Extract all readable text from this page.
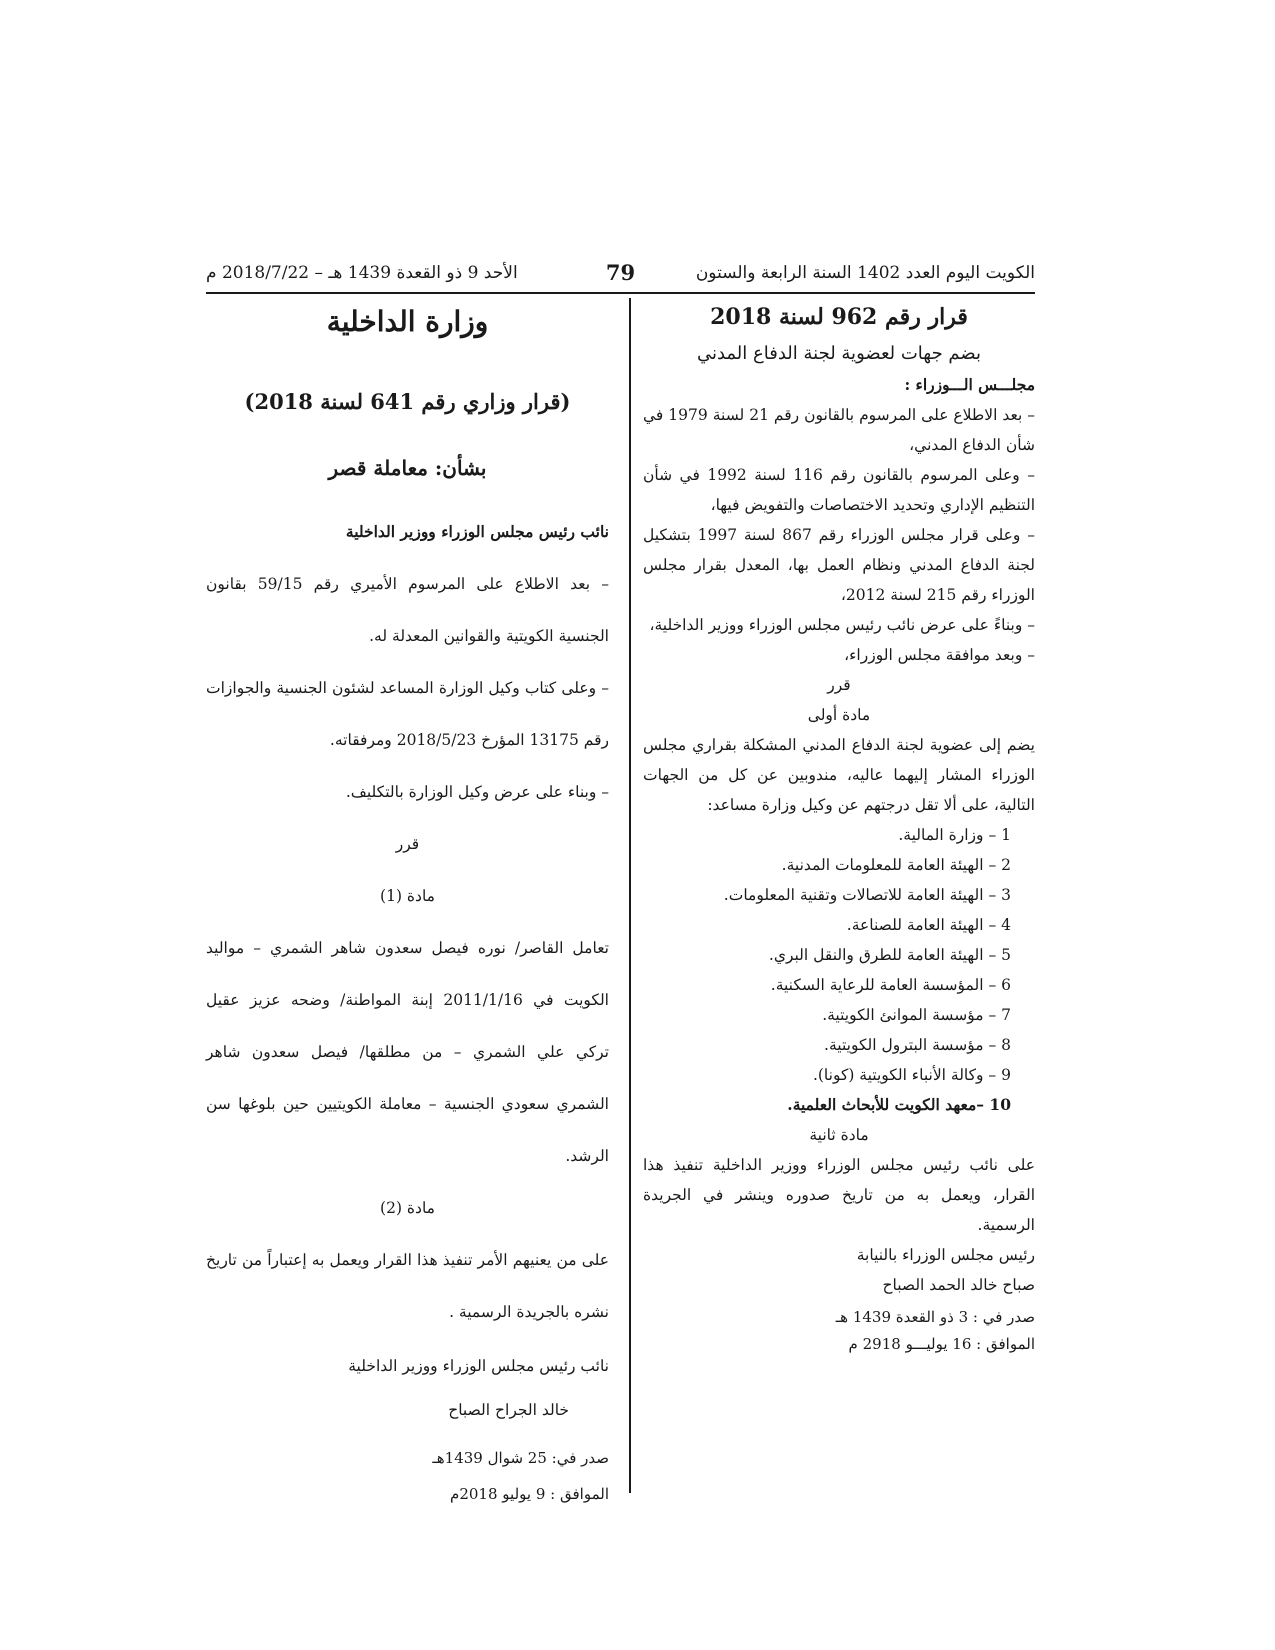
الكويت اليوم العدد 1402 السنة الرابعة والستون
79
الأحد 9 ذو القعدة 1439 هـ – 2018/7/22 م
قرار رقم 962 لسنة 2018
بضم جهات لعضوية لجنة الدفاع المدني
مجلـــس الـــوزراء :
– بعد الاطلاع على المرسوم بالقانون رقم 21 لسنة 1979 في شأن الدفاع المدني،
– وعلى المرسوم بالقانون رقم 116 لسنة 1992 في شأن التنظيم الإداري وتحديد الاختصاصات والتفويض فيها،
– وعلى قرار مجلس الوزراء رقم 867 لسنة 1997 بتشكيل لجنة الدفاع المدني ونظام العمل بها، المعدل بقرار مجلس الوزراء رقم 215 لسنة 2012،
– وبناءً على عرض نائب رئيس مجلس الوزراء ووزير الداخلية،
– وبعد موافقة مجلس الوزراء،
قرر
مادة أولى
يضم إلى عضوية لجنة الدفاع المدني المشكلة بقراري مجلس الوزراء المشار إليهما عاليه، مندوبين عن كل من الجهات التالية، على ألا تقل درجتهم عن وكيل وزارة مساعد:
1 – وزارة المالية.
2 – الهيئة العامة للمعلومات المدنية.
3 – الهيئة العامة للاتصالات وتقنية المعلومات.
4 – الهيئة العامة للصناعة.
5 – الهيئة العامة للطرق والنقل البري.
6 – المؤسسة العامة للرعاية السكنية.
7 – مؤسسة الموانئ الكويتية.
8 – مؤسسة البترول الكويتية.
9 – وكالة الأنباء الكويتية (كونا).
10 –معهد الكويت للأبحاث العلمية.
مادة ثانية
على نائب رئيس مجلس الوزراء ووزير الداخلية تنفيذ هذا القرار، ويعمل به من تاريخ صدوره وينشر في الجريدة الرسمية.
رئيس مجلس الوزراء بالنيابة
صباح خالد الحمد الصباح
صدر في : 3 ذو القعدة 1439 هـ
الموافق : 16 يوليـــو 2918 م
وزارة الداخلية
(قرار وزاري رقم 641 لسنة 2018)
بشأن: معاملة قصر
نائب رئيس مجلس الوزراء ووزير الداخلية
– بعد الاطلاع على المرسوم الأميري رقم 59/15 بقانون الجنسية الكويتية والقوانين المعدلة له.
– وعلى كتاب وكيل الوزارة المساعد لشئون الجنسية والجوازات رقم 13175 المؤرخ 2018/5/23 ومرفقاته.
– وبناء على عرض وكيل الوزارة بالتكليف.
قرر
مادة (1)
تعامل القاصر/ نوره فيصل سعدون شاهر الشمري – مواليد الكويت في 2011/1/16 إبنة المواطنة/ وضحه عزيز عقيل تركي علي الشمري – من مطلقها/ فيصل سعدون شاهر الشمري سعودي الجنسية – معاملة الكويتيين حين بلوغها سن الرشد.
مادة (2)
على من يعنيهم الأمر تنفيذ هذا القرار ويعمل به إعتباراً من تاريخ نشره بالجريدة الرسمية .
نائب رئيس مجلس الوزراء ووزير الداخلية
خالد الجراح الصباح
صدر في: 25 شوال 1439هـ
الموافق : 9 يوليو 2018م
